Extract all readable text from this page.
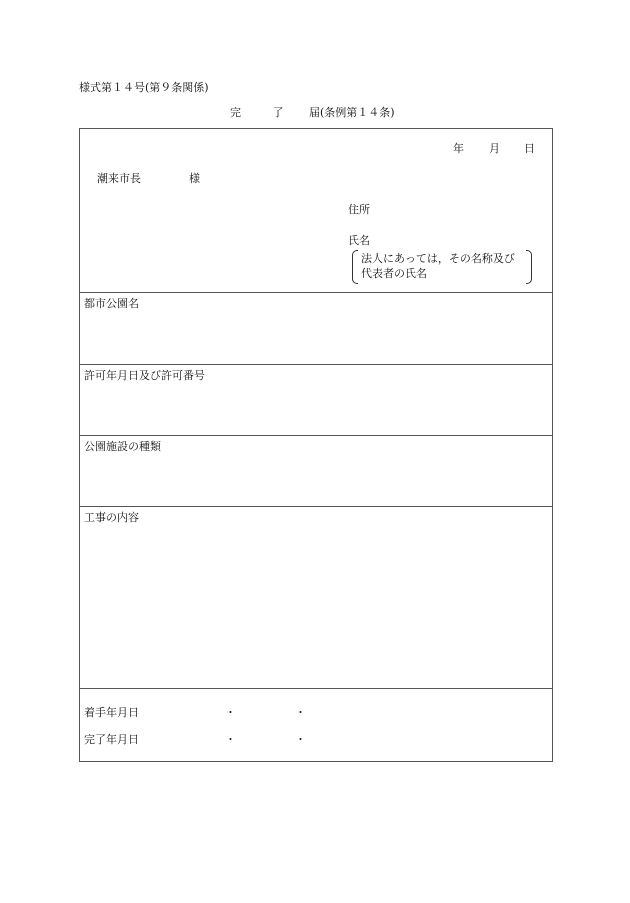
様式第１４号(第９条関係)
完	了 届(条例第１４条)
年 月 日
潮来市長	様
住所
氏名
法人にあっては，その名称及び
代表者の氏名
都市公園名
許可年月日及び許可番号
公園施設の種類
工事の内容
着手年月日	・	・
完了年月日	・	・
